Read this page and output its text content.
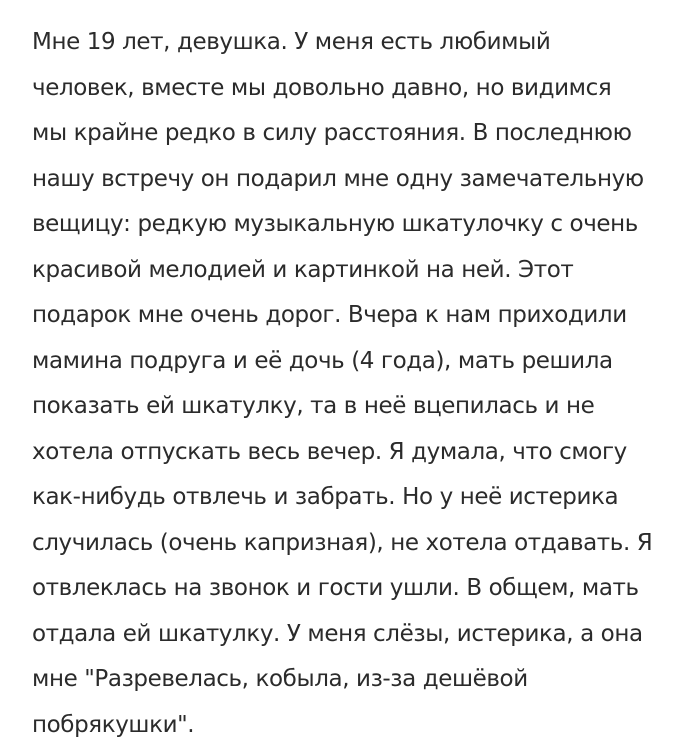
Мне 19 лет, девушка. У меня есть любимый
человек, вместе мы довольно давно, но видимся
мы крайне редко в силу расстояния. В последнюю
нашу встречу он подарил мне одну замечательную
вещицу: редкую музыкальную шкатулочку с очень
красивой мелодией и картинкой на ней. Этот
подарок мне очень дорог. Вчера к нам приходили
мамина подруга и её дочь (4 года), мать решила
показать ей шкатулку, та в неё вцепилась и не
хотела отпускать весь вечер. Я думала, что смогу
как-нибудь отвлечь и забрать. Но у неё истерика
случилась (очень капризная), не хотела отдавать. Я
отвлеклась на звонок и гости ушли. В общем, мать
отдала ей шкатулку. У меня слёзы, истерика, а она
мне "Разревелась, кобыла, из-за дешёвой
побрякушки".
